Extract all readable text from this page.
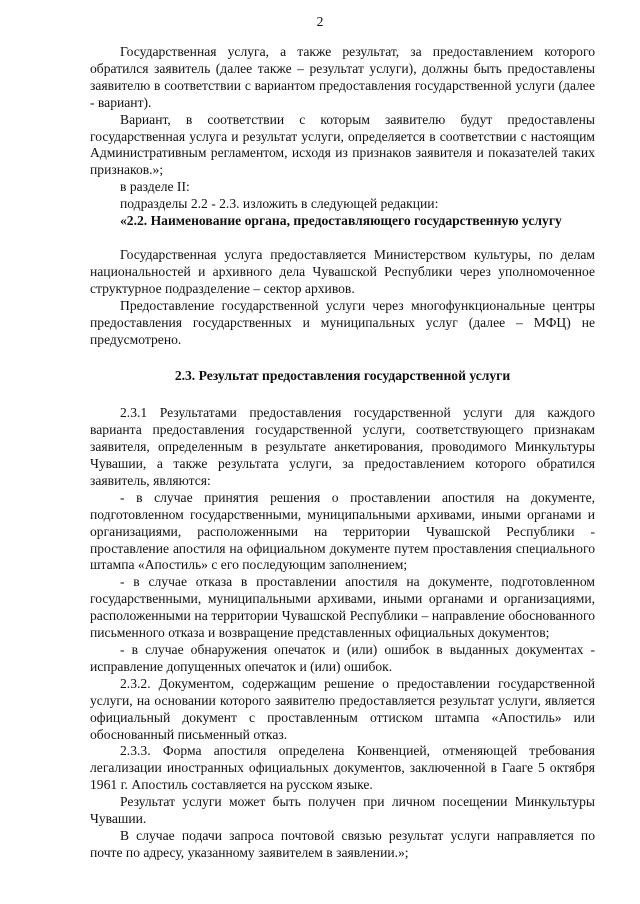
2

Государственная услуга, а также результат, за предоставлением которого обратился заявитель (далее также – результат услуги), должны быть предоставлены заявителю в соответствии с вариантом предоставления государственной услуги (далее - вариант).

Вариант, в соответствии с которым заявителю будут предоставлены государственная услуга и результат услуги, определяется в соответствии с настоящим Административным регламентом, исходя из признаков заявителя и показателей таких признаков.»;

в разделе II:

подразделы 2.2 - 2.3. изложить в следующей редакции:

«2.2. Наименование органа, предоставляющего государственную услугу

Государственная услуга предоставляется Министерством культуры, по делам национальностей и архивного дела Чувашской Республики через уполномоченное структурное подразделение – сектор архивов.

Предоставление государственной услуги через многофункциональные центры предоставления государственных и муниципальных услуг (далее – МФЦ) не предусмотрено.

2.3. Результат предоставления государственной услуги

2.3.1 Результатами предоставления государственной услуги для каждого варианта предоставления государственной услуги, соответствующего признакам заявителя, определенным в результате анкетирования, проводимого Минкультуры Чувашии, а также результата услуги, за предоставлением которого обратился заявитель, являются:

- в случае принятия решения о проставлении апостиля на документе, подготовленном государственными, муниципальными архивами, иными органами и организациями, расположенными на территории Чувашской Республики - проставление апостиля на официальном документе путем проставления специального штампа «Апостиль» с его последующим заполнением;

- в случае отказа в проставлении апостиля на документе, подготовленном государственными, муниципальными архивами, иными органами и организациями, расположенными на территории Чувашской Республики – направление обоснованного письменного отказа и возвращение представленных официальных документов;

- в случае обнаружения опечаток и (или) ошибок в выданных документах - исправление допущенных опечаток и (или) ошибок.

2.3.2. Документом, содержащим решение о предоставлении государственной услуги, на основании которого заявителю предоставляется результат услуги, является официальный документ с проставленным оттиском штампа «Апостиль» или обоснованный письменный отказ.

2.3.3. Форма апостиля определена Конвенцией, отменяющей требования легализации иностранных официальных документов, заключенной в Гааге 5 октября 1961 г. Апостиль составляется на русском языке.

Результат услуги может быть получен при личном посещении Минкультуры Чувашии.

В случае подачи запроса почтовой связью результат услуги направляется по почте по адресу, указанному заявителем в заявлении.»;
